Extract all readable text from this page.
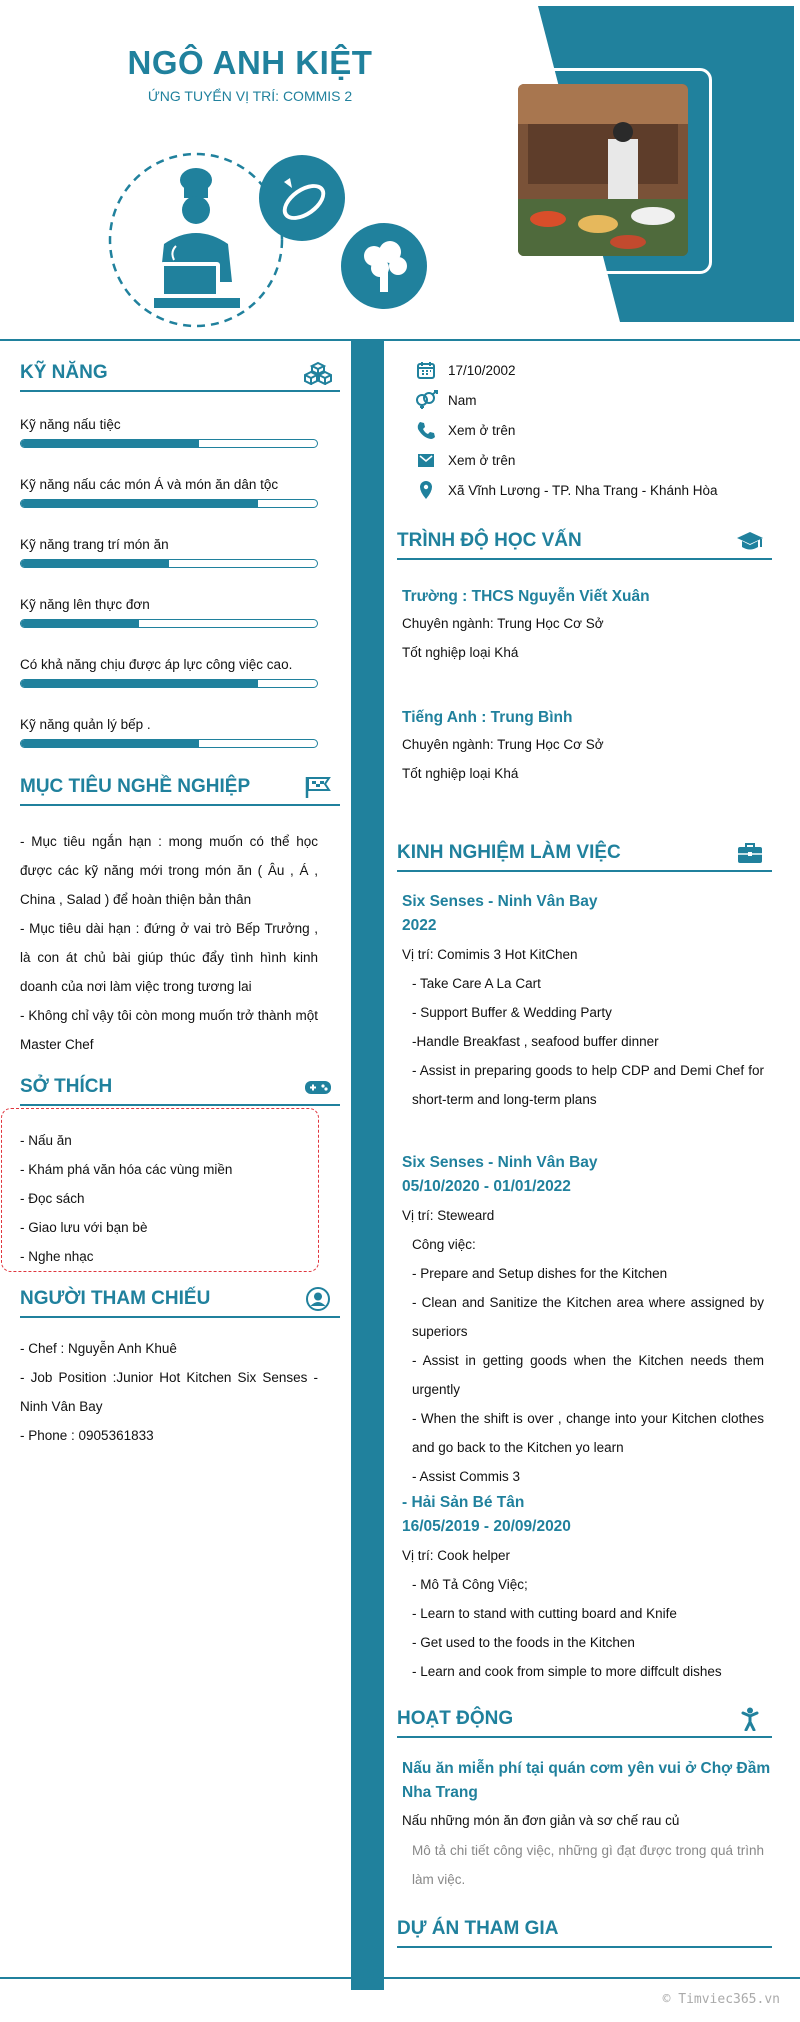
NGÔ ANH KIỆT
ỨNG TUYỂN VỊ TRÍ: COMMIS 2
KỸ NĂNG
Kỹ năng nấu tiệc
Kỹ năng nấu các món Á và món ăn dân tộc
Kỹ năng trang trí món ăn
Kỹ năng lên thực đơn
Có khả năng chịu được áp lực công việc cao.
Kỹ năng quản lý bếp .
MỤC TIÊU NGHỀ NGHIỆP
- Mục tiêu ngắn hạn : mong muốn có thể học được các kỹ năng mới trong món ăn ( Âu , Á , China , Salad ) để hoàn thiện bản thân
- Mục tiêu dài hạn : đứng ở vai trò Bếp Trưởng , là con át chủ bài giúp thúc đẩy tình hình kinh doanh của nơi làm việc trong tương lai
- Không chỉ vậy tôi còn mong muốn trở thành một Master Chef
SỞ THÍCH
- Nấu ăn
- Khám phá văn hóa các vùng miền
- Đọc sách
- Giao lưu với bạn bè
- Nghe nhạc
NGƯỜI THAM CHIẾU
- Chef : Nguyễn Anh Khuê
- Job Position :Junior Hot Kitchen Six Senses - Ninh Vân Bay
- Phone : 0905361833
17/10/2002
Nam
Xem ở trên
Xem ở trên
Xã Vĩnh Lương - TP. Nha Trang - Khánh Hòa
TRÌNH ĐỘ HỌC VẤN
Trường : THCS Nguyễn Viết Xuân
Chuyên ngành: Trung Học Cơ Sở
Tốt nghiệp loại Khá
Tiếng Anh : Trung Bình
Chuyên ngành: Trung Học Cơ Sở
Tốt nghiệp loại Khá
KINH NGHIỆM LÀM VIỆC
Six Senses - Ninh Vân Bay
2022
Vị trí: Comimis 3 Hot KitChen
- Take Care A La Cart
- Support Buffer & Wedding Party
-Handle Breakfast , seafood buffer dinner
- Assist in preparing goods to help CDP and Demi Chef for short-term and long-term plans
Six Senses - Ninh Vân Bay
05/10/2020 - 01/01/2022
Vị trí: Steweard
Công việc:
- Prepare and Setup dishes for the Kitchen
- Clean and Sanitize the Kitchen area where assigned by superiors
- Assist in getting goods when the Kitchen needs them urgently
- When the shift is over , change into your Kitchen clothes and go back to the Kitchen yo learn
- Assist Commis 3
- Hải Sản Bé Tân
16/05/2019 - 20/09/2020
Vị trí: Cook helper
- Mô Tả Công Việc;
- Learn to stand with cutting board and Knife
- Get used to the foods in the Kitchen
- Learn and cook from simple to more diffcult dishes
HOẠT ĐỘNG
Nấu ăn miễn phí tại quán cơm yên vui ở Chợ Đầm Nha Trang
Nấu những món ăn đơn giản và sơ chế rau củ
Mô tả chi tiết công việc, những gì đạt được trong quá trình làm việc.
DỰ ÁN THAM GIA
© Timviec365.vn
